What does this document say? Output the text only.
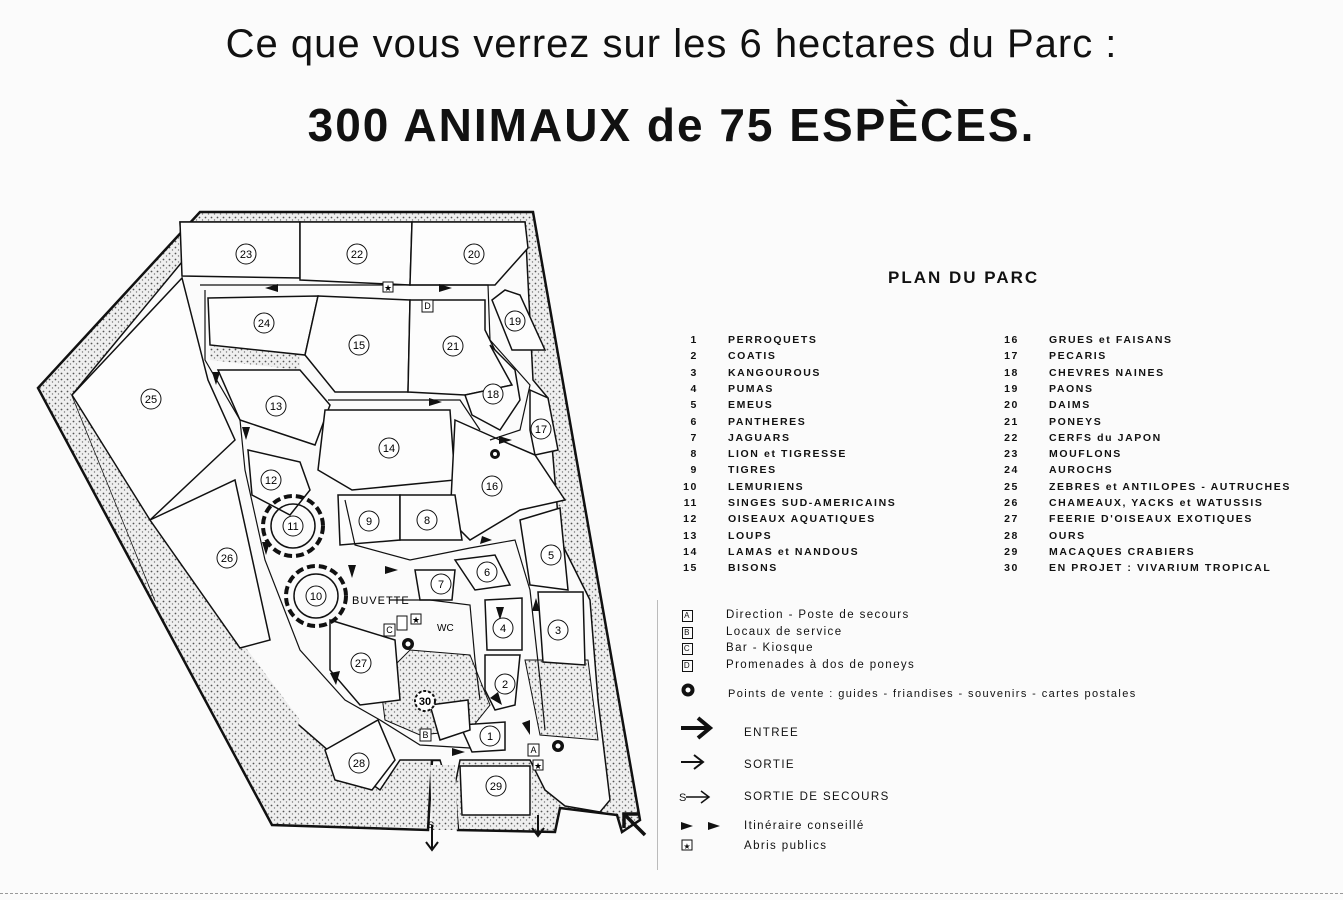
Ce que vous verrez sur les 6 hectares du Parc :
300 ANIMAUX de 75 ESPÈCES.
S
D
C
B
A
★
★
★
BUVETTE
WC
1
2
3
4
5
6
7
8
9
10
11
12
13
14
15
16
17
18
19
20
21
22
23
24
25
26
27
28
29
30
S
★
PLAN DU PARC
1	PERROQUETS
2	COATIS
3	KANGOUROUS
4	PUMAS
5	EMEUS
6	PANTHERES
7	JAGUARS
8	LION et TIGRESSE
9	TIGRES
10	LEMURIENS
11	SINGES SUD-AMERICAINS
12	OISEAUX AQUATIQUES
13	LOUPS
14	LAMAS et NANDOUS
15	BISONS
16	GRUES et FAISANS
17	PECARIS
18	CHEVRES NAINES
19	PAONS
20	DAIMS
21	PONEYS
22	CERFS du JAPON
23	MOUFLONS
24	AUROCHS
25	ZEBRES et ANTILOPES - AUTRUCHES
26	CHAMEAUX, YACKS et WATUSSIS
27	FEERIE D'OISEAUX EXOTIQUES
28	OURS
29	MACAQUES CRABIERS
30	EN PROJET : VIVARIUM TROPICAL
A	Direction - Poste de secours
B	Locaux de service
C	Bar - Kiosque
D	Promenades à dos de poneys
Points de vente : guides - friandises - souvenirs - cartes postales
ENTREE
SORTIE
SORTIE DE SECOURS
Itinéraire conseillé
Abris publics
